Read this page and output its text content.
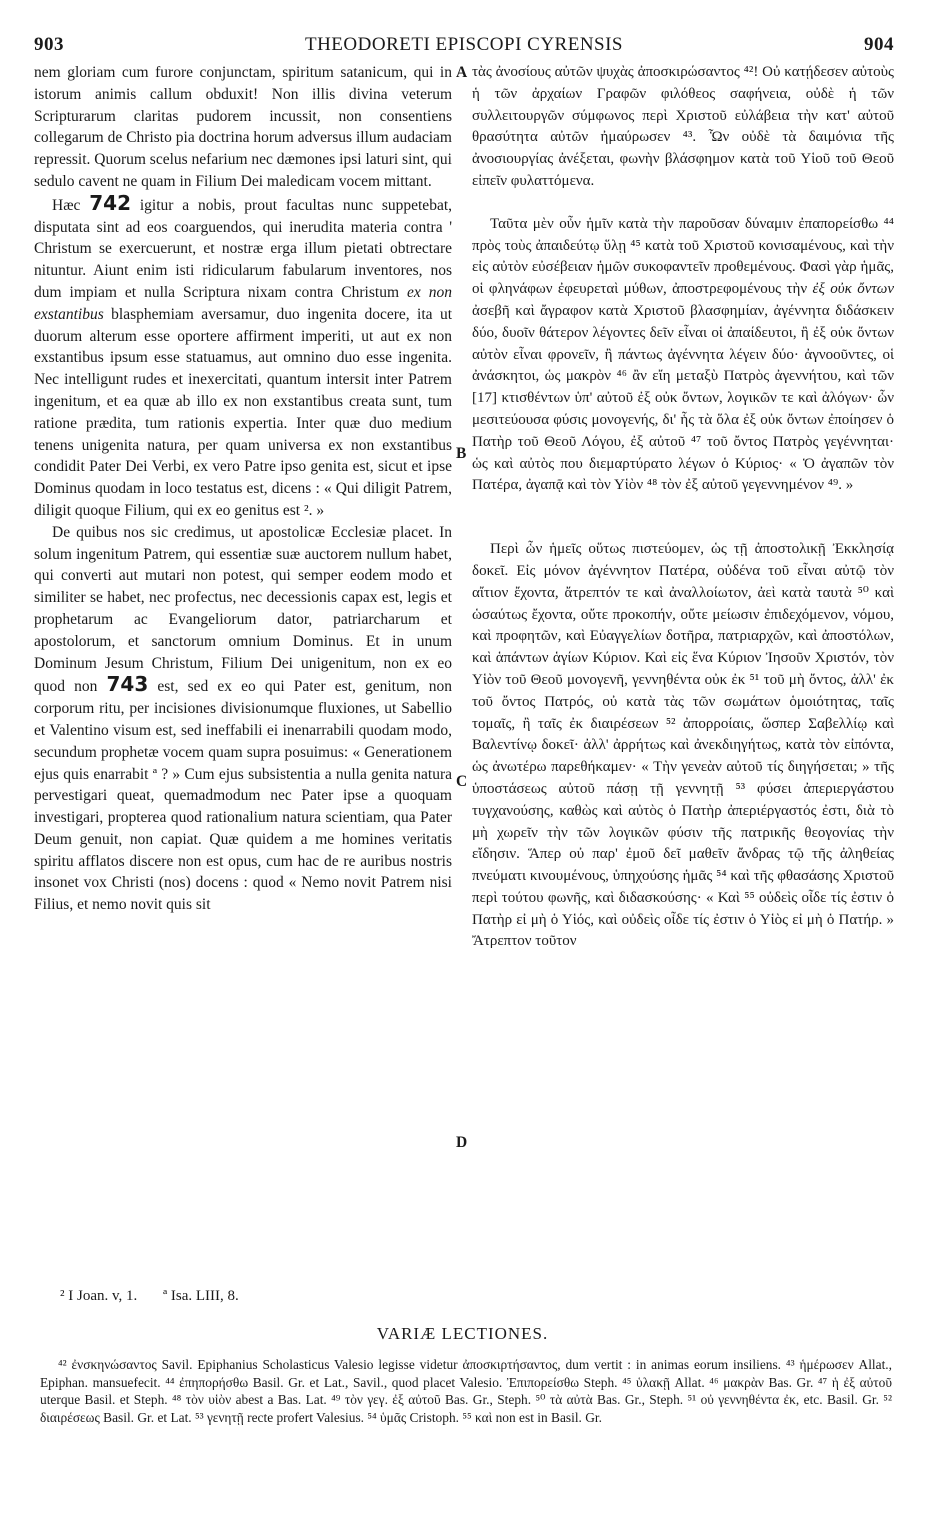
903	THEODORETI EPISCOPI CYRENSIS	904

nem gloriam cum furore conjunctam, spiritum satanicum, qui in istorum animis callum obduxit! Non illis divina veterum Scripturarum claritas pudorem incussit, non consentiens collegarum de Christo pia doctrina horum adversus illum audaciam repressit. Quorum scelus nefarium nec dæmones ipsi laturi sint, qui sedulo cavent ne quam in Filium Dei maledicam vocem mittant.

Hæc 742 igitur a nobis, prout facultas nunc suppetebat, disputata sint ad eos coarguendos, qui inerudita materia contra ' Christum se exercuerunt, et nostræ erga illum pietati obtrectare nituntur. Aiunt enim isti ridicularum fabularum inventores, nos dum impiam et nulla Scriptura nixam contra Christum ex non exstantibus blasphemiam aversamur, duo ingenita docere, ita ut duorum alterum esse oportere affirment imperiti, ut aut ex non exstantibus ipsum esse statuamus, aut omnino duo esse ingenita. Nec intelligunt rudes et inexercitati, quantum intersit inter Patrem ingenitum, et ea quæ ab illo ex non exstantibus creata sunt, tum ratione prædita, tum rationis expertia. Inter quæ duo medium tenens unigenita natura, per quam universa ex non exstantibus condidit Pater Dei Verbi, ex vero Patre ipso genita est, sicut et ipse Dominus quodam in loco testatus est, dicens : « Qui diligit Patrem, diligit quoque Filium, qui ex eo genitus est ². »

De quibus nos sic credimus, ut apostolicæ Ecclesiæ placet. In solum ingenitum Patrem, qui essentiæ suæ auctorem nullum habet, qui converti aut mutari non potest, qui semper eodem modo et similiter se habet, nec profectus, nec decessionis capax est, legis et prophetarum ac Evangeliorum dator, patriarcharum et apostolorum, et sanctorum omnium Dominus. Et in unum Dominum Jesum Christum, Filium Dei unigenitum, non ex eo quod non 743 est, sed ex eo qui Pater est, genitum, non corporum ritu, per incisiones divisionumque fluxiones, ut Sabellio et Valentino visum est, sed ineffabili ei inenarrabili quodam modo, secundum prophetæ vocem quam supra posuimus: « Generationem ejus quis enarrabit ª ? » Cum ejus subsistentia a nulla genita natura pervestigari queat, quemadmodum nec Pater ipse a quoquam investigari, propterea quod rationalium natura scientiam, qua Pater Deum genuit, non capiat. Quæ quidem a me homines veritatis spiritu afflatos discere non est opus, cum hac de re auribus nostris insonet vox Christi (nos) docens : quod « Nemo novit Patrem nisi Filius, et nemo novit quis sit

A
B
C
D

τὰς ἀνοσίους αὐτῶν ψυχὰς ἀποσκιρώσαντος ⁴²! Οὐ κατῄδεσεν αὐτοὺς ἡ τῶν ἀρχαίων Γραφῶν φιλόθεος σαφήνεια, οὐδὲ ἡ τῶν συλλειτουργῶν σύμφωνος περὶ Χριστοῦ εὐλάβεια τὴν κατ' αὐτοῦ θρασύτητα αὐτῶν ἠμαύρωσεν ⁴³. Ὧν οὐδὲ τὰ δαιμόνια τῆς ἀνοσιουργίας ἀνέξεται, φωνὴν βλάσφημον κατὰ τοῦ Υἱοῦ τοῦ Θεοῦ εἰπεῖν φυλαττόμενα.

Ταῦτα μὲν οὖν ἡμῖν κατὰ τὴν παροῦσαν δύναμιν ἐπαπορείσθω ⁴⁴ πρὸς τοὺς ἀπαιδεύτῳ ὕλῃ ⁴⁵ κατὰ τοῦ Χριστοῦ κονισαμένους, καὶ τὴν εἰς αὐτὸν εὐσέβειαν ἡμῶν συκοφαντεῖν προθεμένους. Φασὶ γὰρ ἡμᾶς, οἱ φληνάφων ἐφευρεταὶ μύθων, ἀποστρεφομένους τὴν ἐξ οὐκ ὄντων ἀσεβῆ καὶ ἄγραφον κατὰ Χριστοῦ βλασφημίαν, ἀγέννητα διδάσκειν δύο, δυοῖν θάτερον λέγοντες δεῖν εἶναι οἱ ἀπαίδευτοι, ἢ ἐξ οὐκ ὄντων αὐτὸν εἶναι φρονεῖν, ἢ πάντως ἀγέννητα λέγειν δύο· ἀγνοοῦντες, οἱ ἀνάσκητοι, ὡς μακρὸν ⁴⁶ ἂν εἴη μεταξὺ Πατρὸς ἀγεννήτου, καὶ τῶν [17] κτισθέντων ὑπ' αὐτοῦ ἐξ οὐκ ὄντων, λογικῶν τε καὶ ἀλόγων· ὧν μεσιτεύουσα φύσις μονογενής, δι' ἧς τὰ ὅλα ἐξ οὐκ ὄντων ἐποίησεν ὁ Πατὴρ τοῦ Θεοῦ Λόγου, ἐξ αὐτοῦ ⁴⁷ τοῦ ὄντος Πατρὸς γεγέννηται· ὡς καὶ αὐτὸς που διεμαρτύρατο λέγων ὁ Κύριος· « Ὁ ἀγαπῶν τὸν Πατέρα, ἀγαπᾷ καὶ τὸν Υἱὸν ⁴⁸ τὸν ἐξ αὐτοῦ γεγεννημένον ⁴⁹. »

Περὶ ὧν ἡμεῖς οὕτως πιστεύομεν, ὡς τῇ ἀποστολικῇ Ἐκκλησίᾳ δοκεῖ. Εἰς μόνον ἀγέννητον Πατέρα, οὐδένα τοῦ εἶναι αὐτῷ τὸν αἴτιον ἔχοντα, ἄτρεπτόν τε καὶ ἀναλλοίωτον, ἀεὶ κατὰ ταυτὰ ⁵⁰ καὶ ὡσαύτως ἔχοντα, οὔτε προκοπήν, οὔτε μείωσιν ἐπιδεχόμενον, νόμου, καὶ προφητῶν, καὶ Εὐαγγελίων δοτῆρα, πατριαρχῶν, καὶ ἀποστόλων, καὶ ἁπάντων ἁγίων Κύριον. Καὶ εἰς ἕνα Κύριον Ἰησοῦν Χριστόν, τὸν Υἱὸν τοῦ Θεοῦ μονογενῆ, γεννηθέντα οὐκ ἐκ ⁵¹ τοῦ μὴ ὄντος, ἀλλ' ἐκ τοῦ ὄντος Πατρός, οὐ κατὰ τὰς τῶν σωμάτων ὁμοιότητας, ταῖς τομαῖς, ἢ ταῖς ἐκ διαιρέσεων ⁵² ἀπορροίαις, ὥσπερ Σαβελλίῳ καὶ Βαλεντίνῳ δοκεῖ· ἀλλ' ἀρρήτως καὶ ἀνεκδιηγήτως, κατὰ τὸν εἰπόντα, ὡς ἀνωτέρω παρεθήκαμεν· « Τὴν γενεὰν αὐτοῦ τίς διηγήσεται; » τῆς ὑποστάσεως αὐτοῦ πάσῃ τῇ γεννητῇ ⁵³ φύσει ἀπεριεργάστου τυγχανούσης, καθὼς καὶ αὐτὸς ὁ Πατὴρ ἀπεριέργαστός ἐστι, διὰ τὸ μὴ χωρεῖν τὴν τῶν λογικῶν φύσιν τῆς πατρικῆς θεογονίας τὴν εἴδησιν. Ἅπερ οὐ παρ' ἐμοῦ δεῖ μαθεῖν ἄνδρας τῷ τῆς ἀληθείας πνεύματι κινουμένους, ὑπηχούσης ἡμᾶς ⁵⁴ καὶ τῆς φθασάσης Χριστοῦ περὶ τούτου φωνῆς, καὶ διδασκούσης· « Καὶ ⁵⁵ οὐδεὶς οἶδε τίς ἐστιν ὁ Πατὴρ εἰ μὴ ὁ Υἱός, καὶ οὐδεὶς οἶδε τίς ἐστιν ὁ Υἱὸς εἰ μὴ ὁ Πατήρ. » Ἄτρεπτον τοῦτον

² I Joan. v, 1. ª Isa. LIII, 8.
VARIÆ LECTIONES.

⁴² ἐνσκηνώσαντος Savil. Epiphanius Scholasticus Valesio legisse videtur ἀποσκιρτήσαντος, dum vertit : in animas eorum insiliens. ⁴³ ἡμέρωσεν Allat., Epiphan. mansuefecit. ⁴⁴ ἐπηπορήσθω Basil. Gr. et Lat., Savil., quod placet Valesio. Ἐπιπορείσθω Steph. ⁴⁵ ὑλακῇ Allat. ⁴⁶ μακρὰν Bas. Gr. ⁴⁷ ἡ ἐξ αὐτοῦ uterque Basil. et Steph. ⁴⁸ τὸν υἱὸν abest a Bas. Lat. ⁴⁹ τὸν γεγ. ἐξ αὐτοῦ Bas. Gr., Steph. ⁵⁰ τὰ αὐτὰ Bas. Gr., Steph. ⁵¹ οὐ γεννηθέντα ἐκ, etc. Basil. Gr. ⁵² διαιρέσεως Basil. Gr. et Lat. ⁵³ γενητῇ recte profert Valesius. ⁵⁴ ὑμᾶς Cristoph. ⁵⁵ καὶ non est in Basil. Gr.
